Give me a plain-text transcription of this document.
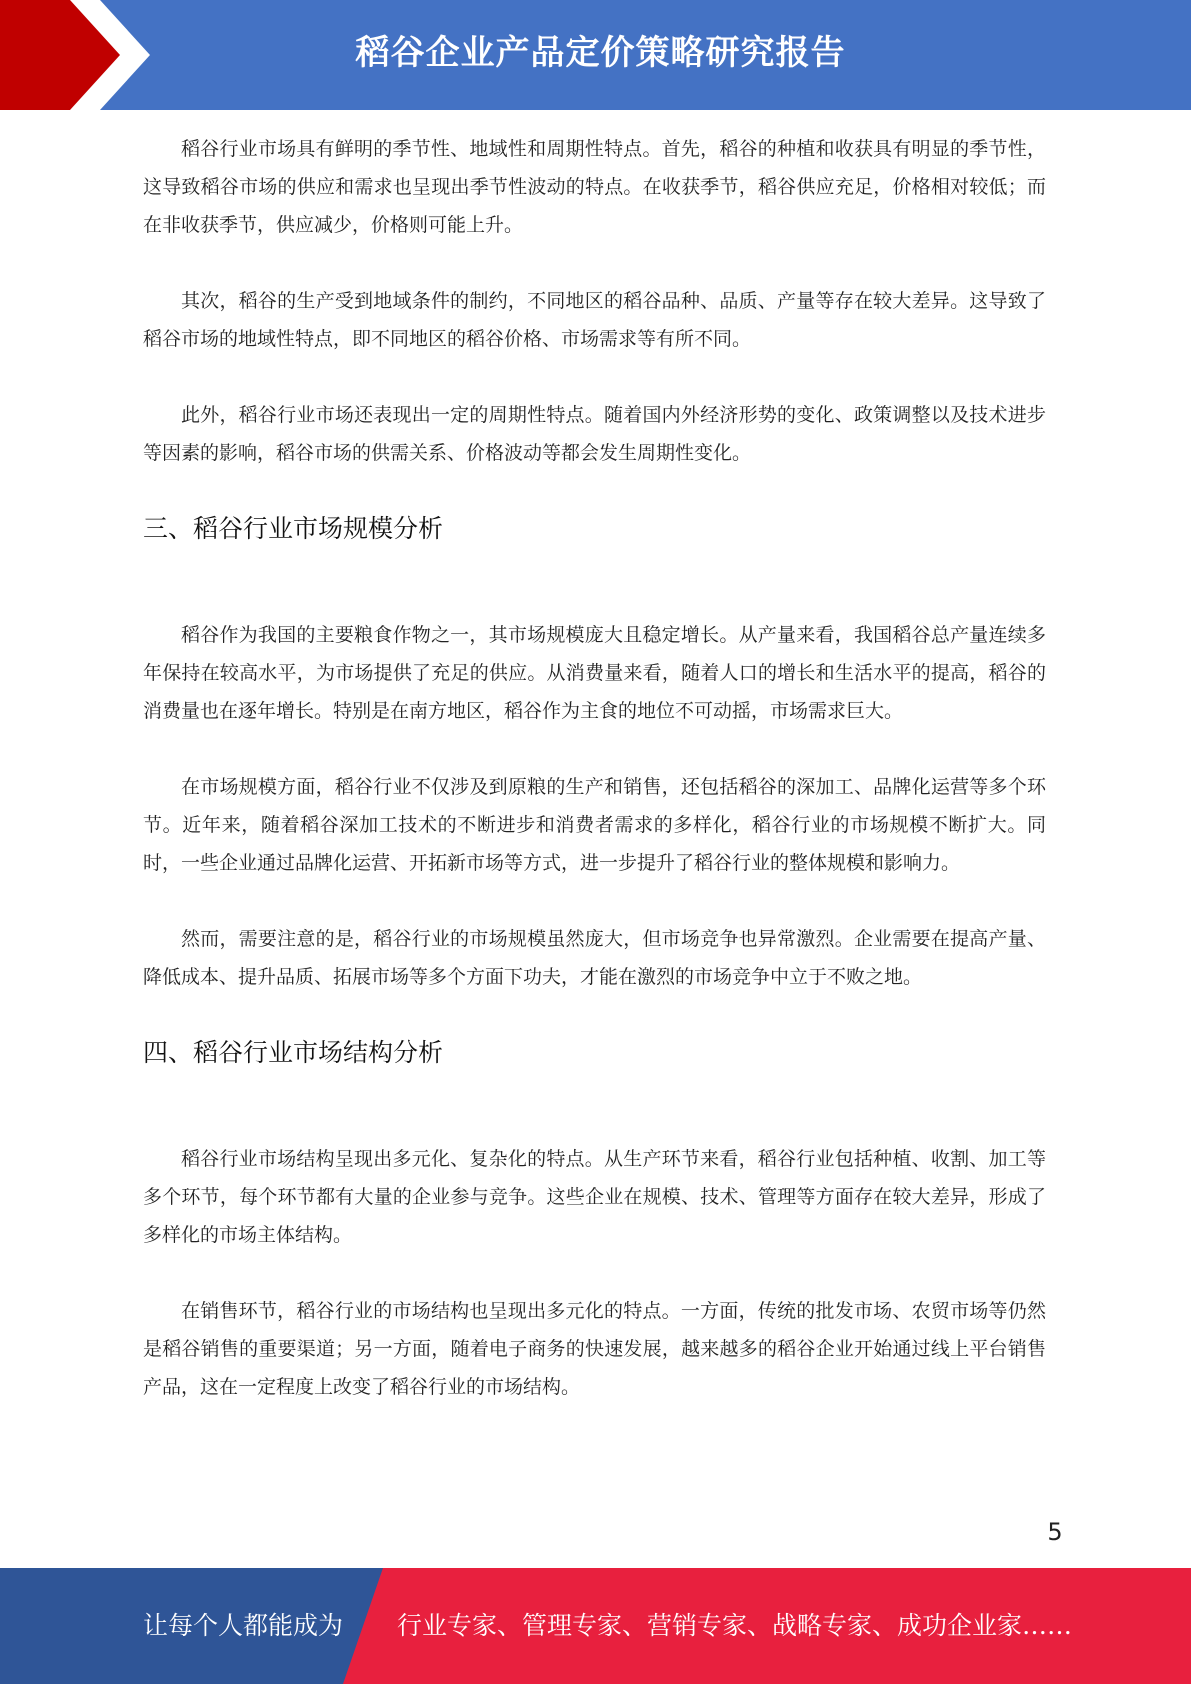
稻谷企业产品定价策略研究报告

稻谷行业市场具有鲜明的季节性、地域性和周期性特点。首先，稻谷的种植和收获具有明显的季节性，这导致稻谷市场的供应和需求也呈现出季节性波动的特点。在收获季节，稻谷供应充足，价格相对较低；而在非收获季节，供应减少，价格则可能上升。

其次，稻谷的生产受到地域条件的制约，不同地区的稻谷品种、品质、产量等存在较大差异。这导致了稻谷市场的地域性特点，即不同地区的稻谷价格、市场需求等有所不同。

此外，稻谷行业市场还表现出一定的周期性特点。随着国内外经济形势的变化、政策调整以及技术进步等因素的影响，稻谷市场的供需关系、价格波动等都会发生周期性变化。

三、稻谷行业市场规模分析

稻谷作为我国的主要粮食作物之一，其市场规模庞大且稳定增长。从产量来看，我国稻谷总产量连续多年保持在较高水平，为市场提供了充足的供应。从消费量来看，随着人口的增长和生活水平的提高，稻谷的消费量也在逐年增长。特别是在南方地区，稻谷作为主食的地位不可动摇，市场需求巨大。

在市场规模方面，稻谷行业不仅涉及到原粮的生产和销售，还包括稻谷的深加工、品牌化运营等多个环节。近年来，随着稻谷深加工技术的不断进步和消费者需求的多样化，稻谷行业的市场规模不断扩大。同时，一些企业通过品牌化运营、开拓新市场等方式，进一步提升了稻谷行业的整体规模和影响力。

然而，需要注意的是，稻谷行业的市场规模虽然庞大，但市场竞争也异常激烈。企业需要在提高产量、降低成本、提升品质、拓展市场等多个方面下功夫，才能在激烈的市场竞争中立于不败之地。

四、稻谷行业市场结构分析

稻谷行业市场结构呈现出多元化、复杂化的特点。从生产环节来看，稻谷行业包括种植、收割、加工等多个环节，每个环节都有大量的企业参与竞争。这些企业在规模、技术、管理等方面存在较大差异，形成了多样化的市场主体结构。

在销售环节，稻谷行业的市场结构也呈现出多元化的特点。一方面，传统的批发市场、农贸市场等仍然是稻谷销售的重要渠道；另一方面，随着电子商务的快速发展，越来越多的稻谷企业开始通过线上平台销售产品，这在一定程度上改变了稻谷行业的市场结构。

5
让每个人都能成为 行业专家、管理专家、营销专家、战略专家、成功企业家……
